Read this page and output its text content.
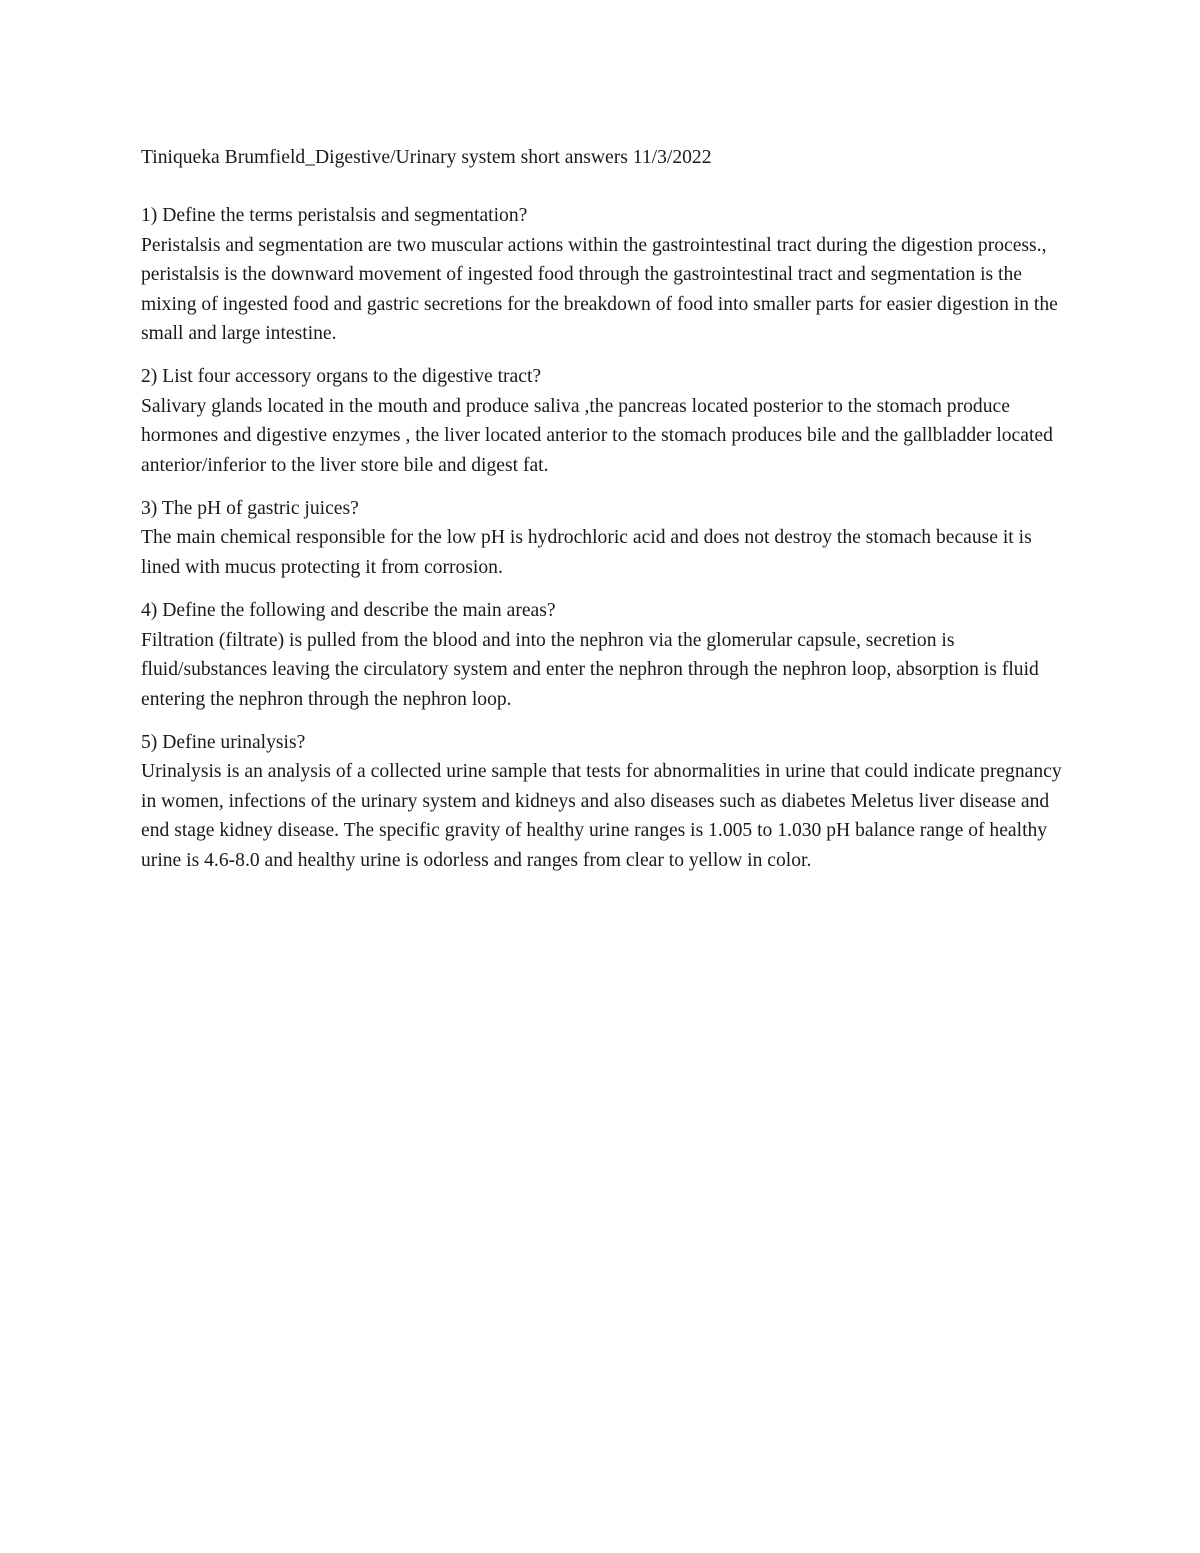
Tiniqueka Brumfield_Digestive/Urinary system short answers 11/3/2022

1) Define the terms peristalsis and segmentation?

Peristalsis and segmentation are two muscular actions within the gastrointestinal tract during the digestion process., peristalsis is the downward movement of ingested food through the gastrointestinal tract and segmentation is the mixing of ingested food and gastric secretions for the breakdown of food into smaller parts for easier digestion in the small and large intestine.

2) List four accessory organs to the digestive tract?

Salivary glands located in the mouth and produce saliva ,the pancreas located posterior to the stomach produce hormones and digestive enzymes , the liver located anterior to the stomach produces bile and the gallbladder located anterior/inferior to the liver store bile and digest fat.

3) The pH of gastric juices?

The main chemical responsible for the low pH is hydrochloric acid and does not destroy the stomach because it is lined with mucus protecting it from corrosion.

4) Define the following and describe the main areas?

Filtration (filtrate) is pulled from the blood and into the nephron via the glomerular capsule, secretion is fluid/substances leaving the circulatory system and enter the nephron through the nephron loop, absorption is fluid entering the nephron through the nephron loop.

5) Define urinalysis?

Urinalysis is an analysis of a collected urine sample that tests for abnormalities in urine that could indicate pregnancy in women, infections of the urinary system and kidneys and also diseases such as diabetes Meletus liver disease and end stage kidney disease. The specific gravity of healthy urine ranges is 1.005 to 1.030 pH balance range of healthy urine is 4.6-8.0 and healthy urine is odorless and ranges from clear to yellow in color.
